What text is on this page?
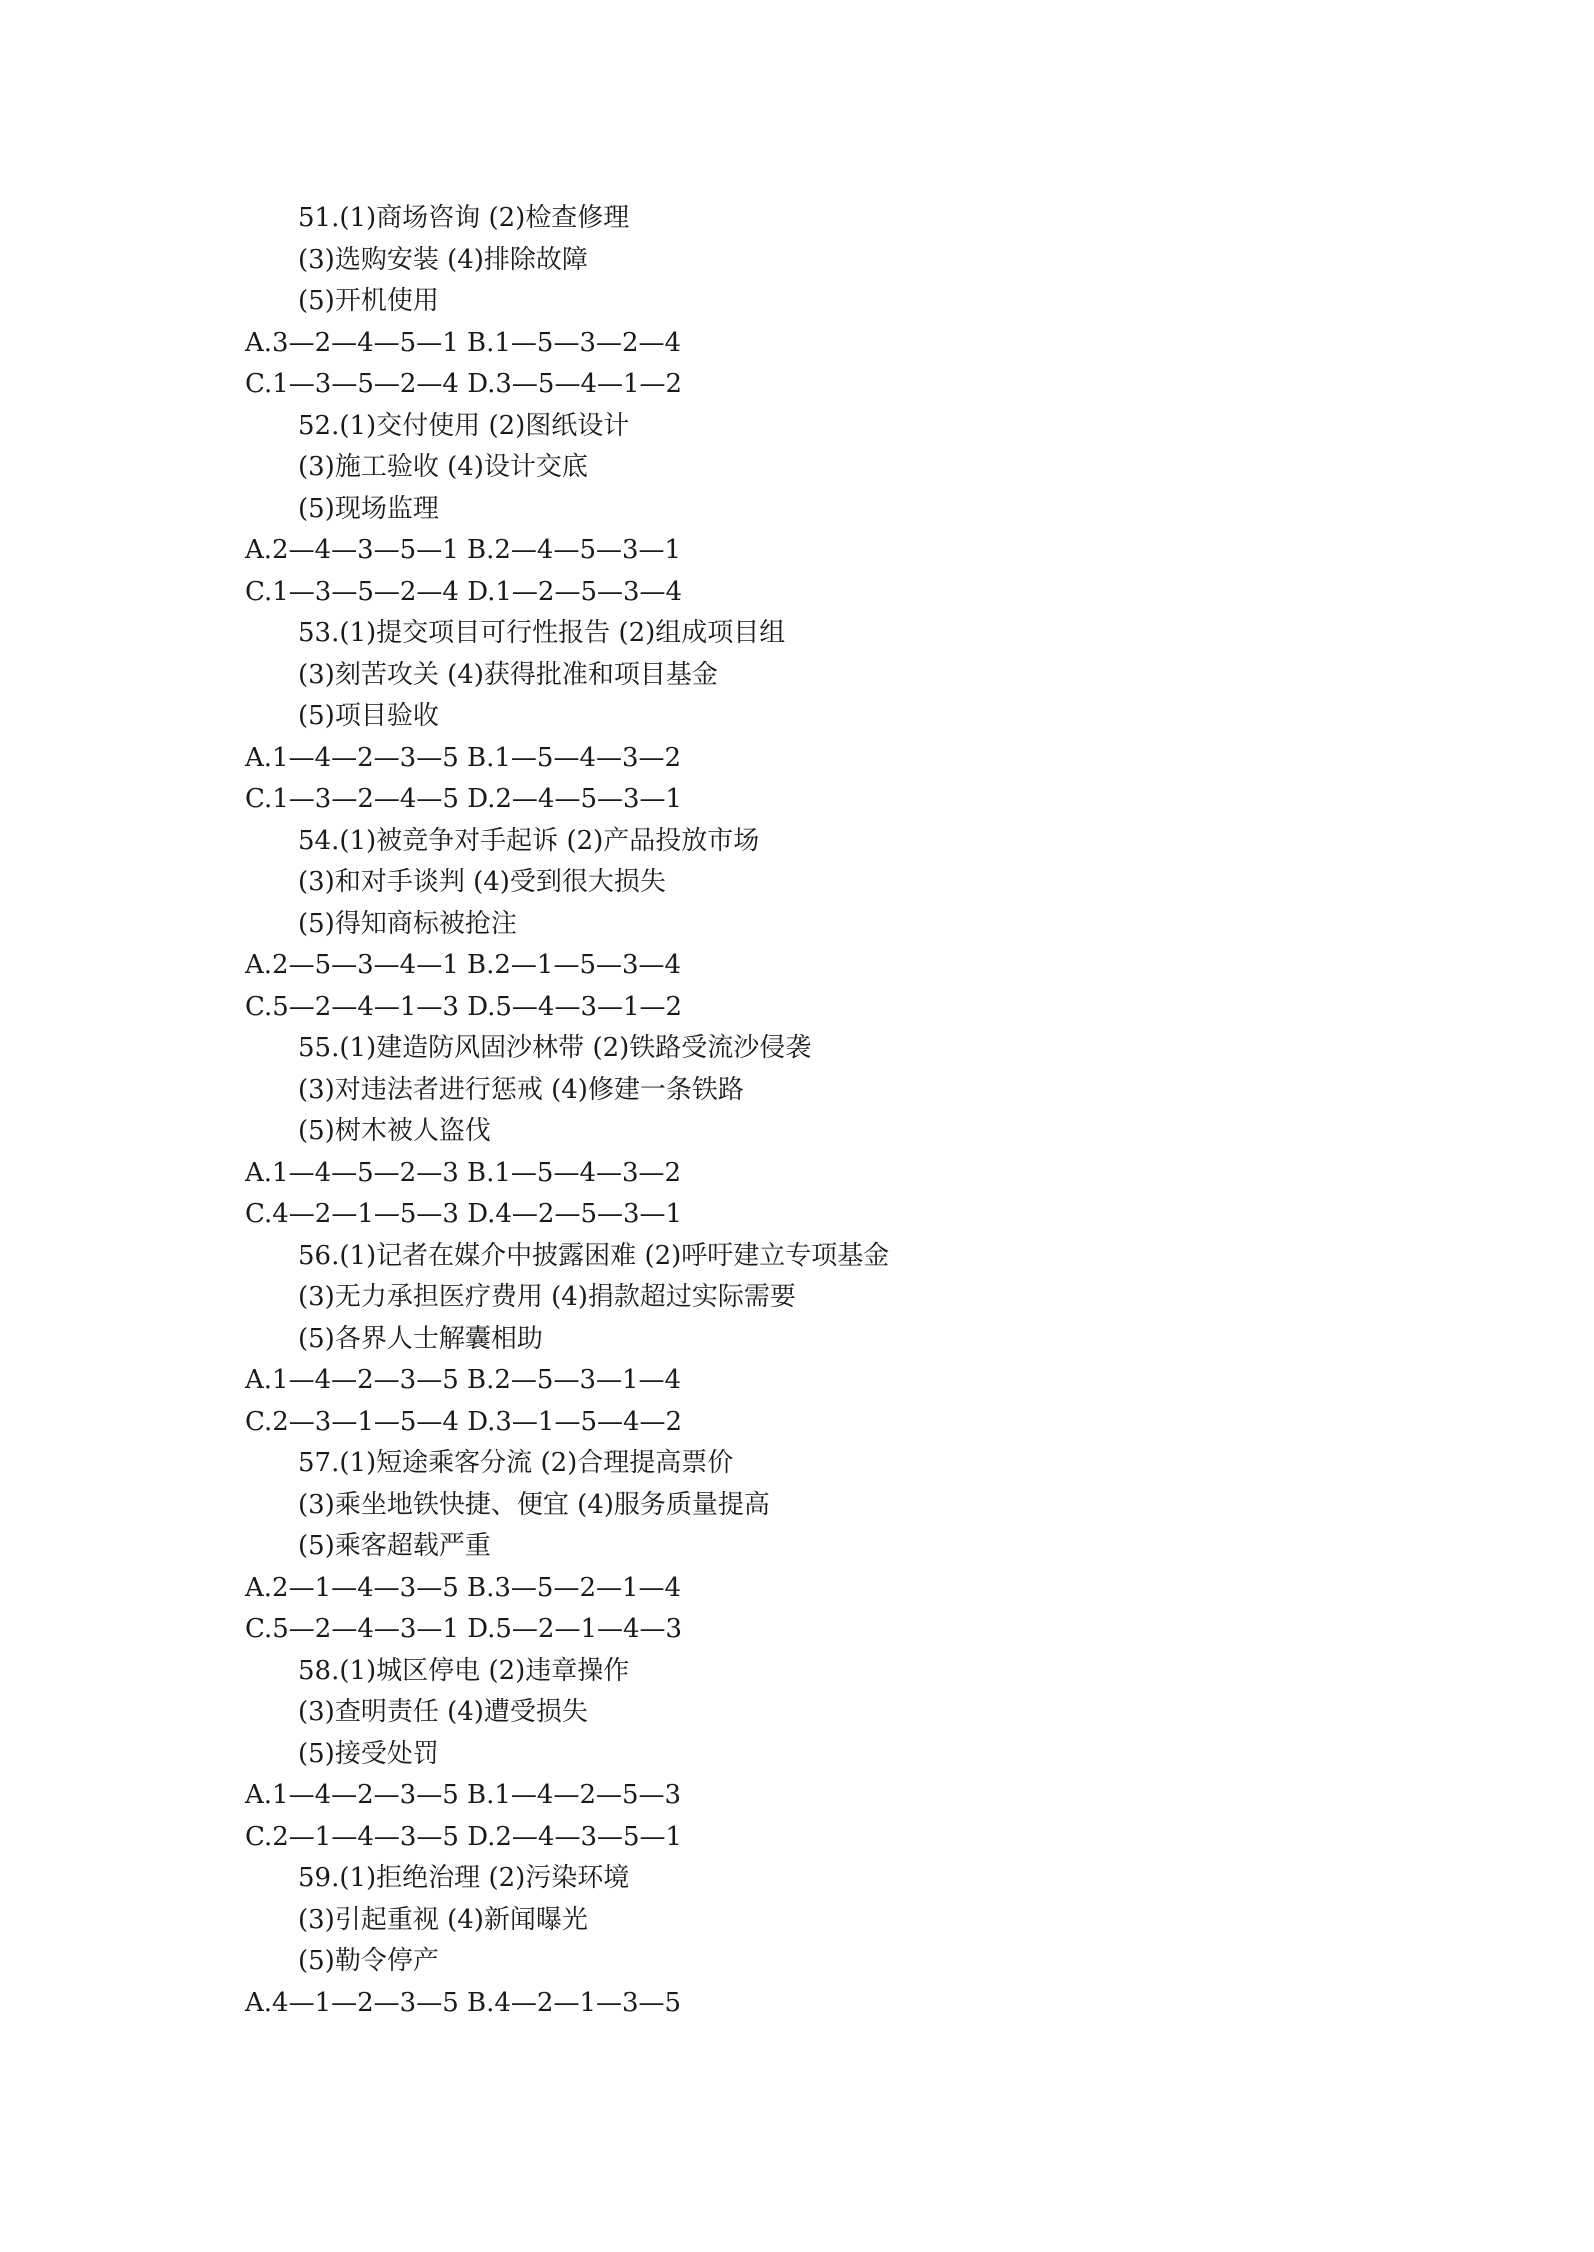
51.(1)商场咨询 (2)检查修理
(3)选购安装 (4)排除故障
(5)开机使用
A.3—2—4—5—1 B.1—5—3—2—4
C.1—3—5—2—4 D.3—5—4—1—2
52.(1)交付使用 (2)图纸设计
(3)施工验收 (4)设计交底
(5)现场监理
A.2—4—3—5—1 B.2—4—5—3—1
C.1—3—5—2—4 D.1—2—5—3—4
53.(1)提交项目可行性报告 (2)组成项目组
(3)刻苦攻关 (4)获得批准和项目基金
(5)项目验收
A.1—4—2—3—5 B.1—5—4—3—2
C.1—3—2—4—5 D.2—4—5—3—1
54.(1)被竞争对手起诉 (2)产品投放市场
(3)和对手谈判 (4)受到很大损失
(5)得知商标被抢注
A.2—5—3—4—1 B.2—1—5—3—4
C.5—2—4—1—3 D.5—4—3—1—2
55.(1)建造防风固沙林带 (2)铁路受流沙侵袭
(3)对违法者进行惩戒 (4)修建一条铁路
(5)树木被人盗伐
A.1—4—5—2—3 B.1—5—4—3—2
C.4—2—1—5—3 D.4—2—5—3—1
56.(1)记者在媒介中披露困难 (2)呼吁建立专项基金
(3)无力承担医疗费用 (4)捐款超过实际需要
(5)各界人士解囊相助
A.1—4—2—3—5 B.2—5—3—1—4
C.2—3—1—5—4 D.3—1—5—4—2
57.(1)短途乘客分流 (2)合理提高票价
(3)乘坐地铁快捷、便宜 (4)服务质量提高
(5)乘客超载严重
A.2—1—4—3—5 B.3—5—2—1—4
C.5—2—4—3—1 D.5—2—1—4—3
58.(1)城区停电 (2)违章操作
(3)查明责任 (4)遭受损失
(5)接受处罚
A.1—4—2—3—5 B.1—4—2—5—3
C.2—1—4—3—5 D.2—4—3—5—1
59.(1)拒绝治理 (2)污染环境
(3)引起重视 (4)新闻曝光
(5)勒令停产
A.4—1—2—3—5 B.4—2—1—3—5
